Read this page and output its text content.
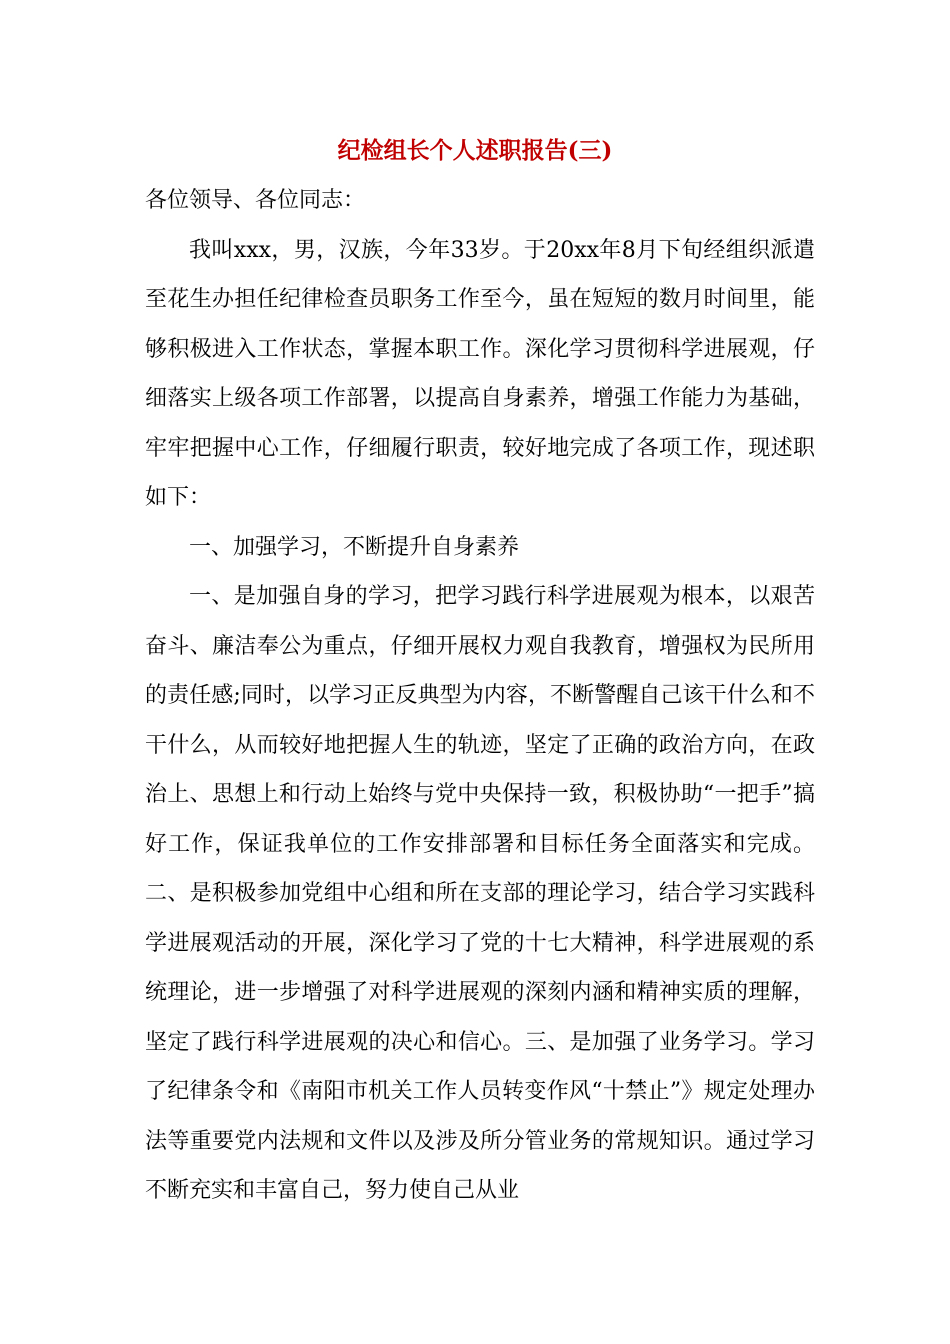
纪检组长个人述职报告(三)

各位领导、各位同志：

我叫xxx，男，汉族，今年33岁。于20xx年8月下旬经组织派遣至花生办担任纪律检查员职务工作至今，虽在短短的数月时间里，能够积极进入工作状态，掌握本职工作。深化学习贯彻科学进展观，仔细落实上级各项工作部署，以提高自身素养，增强工作能力为基础，牢牢把握中心工作，仔细履行职责，较好地完成了各项工作，现述职如下：

一、加强学习，不断提升自身素养

一、是加强自身的学习，把学习践行科学进展观为根本，以艰苦奋斗、廉洁奉公为重点，仔细开展权力观自我教育，增强权为民所用的责任感;同时，以学习正反典型为内容，不断警醒自己该干什么和不干什么，从而较好地把握人生的轨迹，坚定了正确的政治方向，在政治上、思想上和行动上始终与党中央保持一致，积极协助“一把手”搞好工作，保证我单位的工作安排部署和目标任务全面落实和完成。二、是积极参加党组中心组和所在支部的理论学习，结合学习实践科学进展观活动的开展，深化学习了党的十七大精神，科学进展观的系统理论，进一步增强了对科学进展观的深刻内涵和精神实质的理解，坚定了践行科学进展观的决心和信心。三、是加强了业务学习。学习了纪律条令和《南阳市机关工作人员转变作风“十禁止”》规定处理办法等重要党内法规和文件以及涉及所分管业务的常规知识。通过学习不断充实和丰富自己，努力使自己从业
